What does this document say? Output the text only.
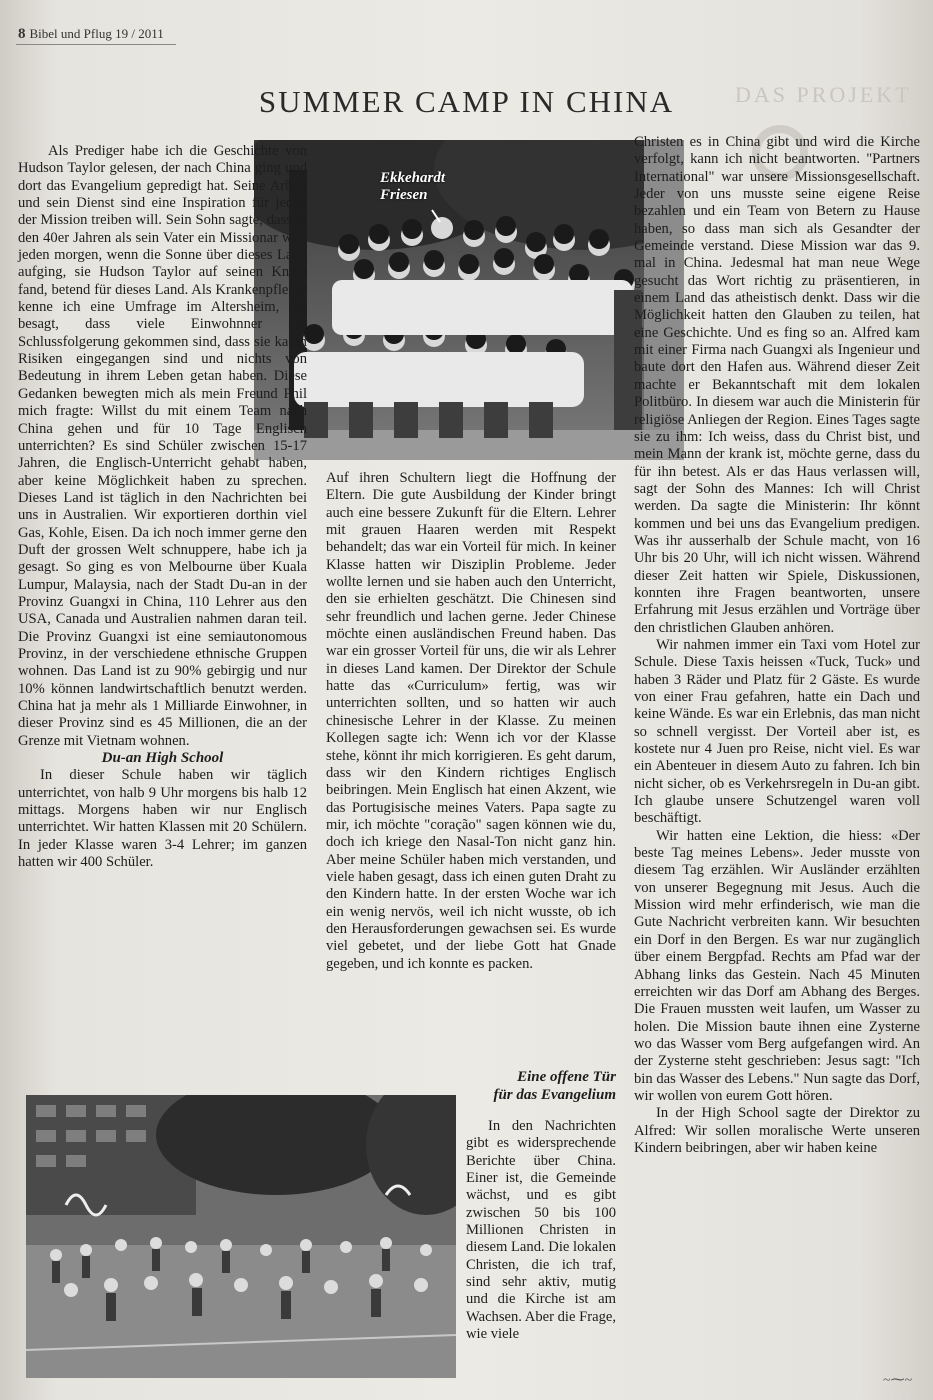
8 Bibel und Pflug 19 / 2011
DAS PROJEKT
SUMMER CAMP IN CHINA
Ekkehardt Friesen

Als Prediger habe ich die Geschichte von Hudson Taylor gelesen, der nach China ging und dort das Evangelium gepredigt hat. Seine Arbeit und sein Dienst sind eine Inspiration für jeden der Mission treiben will. Sein Sohn sagte, dass in den 40er Jahren als sein Vater ein Missionar war, jeden morgen, wenn die Sonne über dieses Land aufging, sie Hudson Taylor auf seinen Knien fand, betend für dieses Land. Als Krankenpfleger kenne ich eine Umfrage im Altersheim, die besagt, dass viele Einwohnner zur Schlussfolgerung gekommen sind, dass sie kaum Risiken eingegangen sind und nichts von Bedeutung in ihrem Leben getan haben. Diese Gedanken bewegten mich als mein Freund Phil mich fragte: Willst du mit einem Team nach China gehen und für 10 Tage Englisch unterrichten? Es sind Schüler zwischen 15-17 Jahren, die Englisch-Unterricht gehabt haben, aber keine Möglichkeit haben zu sprechen. Dieses Land ist täglich in den Nachrichten bei uns in Australien. Wir exportieren dorthin viel Gas, Kohle, Eisen. Da ich noch immer gerne den Duft der grossen Welt schnuppere, habe ich ja gesagt. So ging es von Melbourne über Kuala Lumpur, Malaysia, nach der Stadt Du-an in der Provinz Guangxi in China, 110 Lehrer aus den USA, Canada und Australien nahmen daran teil. Die Provinz Guangxi ist eine semiautonomous Provinz, in der verschiedene ethnische Gruppen wohnen. Das Land ist zu 90% gebirgig und nur 10% können landwirtschaftlich benutzt werden. China hat ja mehr als 1 Milliarde Einwohner, in dieser Provinz sind es 45 Millionen, die an der Grenze mit Vietnam wohnen.

Du-an High School

In dieser Schule haben wir täglich unterrichtet, von halb 9 Uhr morgens bis halb 12 mittags. Morgens haben wir nur Englisch unterrichtet. Wir hatten Klassen mit 20 Schülern. In jeder Klasse waren 3-4 Lehrer; im ganzen hatten wir 400 Schüler.

Auf ihren Schultern liegt die Hoffnung der Eltern. Die gute Ausbildung der Kinder bringt auch eine bessere Zukunft für die Eltern. Lehrer mit grauen Haaren werden mit Respekt behandelt; das war ein Vorteil für mich. In keiner Klasse hatten wir Disziplin Probleme. Jeder wollte lernen und sie haben auch den Unterricht, den sie erhielten geschätzt. Die Chinesen sind sehr freundlich und lachen gerne. Jeder Chinese möchte einen ausländischen Freund haben. Das war ein grosser Vorteil für uns, die wir als Lehrer in dieses Land kamen. Der Direktor der Schule hatte das «Curriculum» fertig, was wir unterrichten sollten, und so hatten wir auch chinesische Lehrer in der Klasse. Zu meinen Kollegen sagte ich: Wenn ich vor der Klasse stehe, könnt ihr mich korrigieren. Es geht darum, dass wir den Kindern richtiges Englisch beibringen. Mein Englisch hat einen Akzent, wie das Portugisische meines Vaters. Papa sagte zu mir, ich möchte "coração" sagen können wie du, doch ich kriege den Nasal-Ton nicht ganz hin. Aber meine Schüler haben mich verstanden, und viele haben gesagt, dass ich einen guten Draht zu den Kindern hatte. In der ersten Woche war ich ein wenig nervös, weil ich nicht wusste, ob ich den Herausforderungen gewachsen sei. Es wurde viel gebetet, und der liebe Gott hat Gnade gegeben, und ich konnte es packen.

Eine offene Tür
für das Evangelium

In den Nachrichten gibt es widersprechende Berichte über China. Einer ist, die Gemeinde wächst, und es gibt zwischen 50 bis 100 Millionen Christen in diesem Land. Die lokalen Christen, die ich traf, sind sehr aktiv, mutig und die Kirche ist am Wachsen. Aber die Frage, wie viele

Christen es in China gibt und wird die Kirche verfolgt, kann ich nicht beantworten. "Partners International" war unsere Missionsgesellschaft. Jeder von uns musste seine eigene Reise bezahlen und ein Team von Betern zu Hause haben, so dass man sich als Gesandter der Gemeinde verstand. Diese Mission war das 9. mal in China. Jedesmal hat man neue Wege gesucht das Wort richtig zu präsentieren, in einem Land das atheistisch denkt. Dass wir die Möglichkeit hatten den Glauben zu teilen, hat eine Geschichte. Und es fing so an. Alfred kam mit einer Firma nach Guangxi als Ingenieur und baute dort den Hafen aus. Während dieser Zeit machte er Bekanntschaft mit dem lokalen Politbüro. In diesem war auch die Ministerin für religiöse Anliegen der Region. Eines Tages sagte sie zu ihm: Ich weiss, dass du Christ bist, und mein Mann der krank ist, möchte gerne, dass du für ihn betest. Als er das Haus verlassen will, sagt der Sohn des Mannes: Ich will Christ werden. Da sagte die Ministerin: Ihr könnt kommen und bei uns das Evangelium predigen. Was ihr ausserhalb der Schule macht, von 16 Uhr bis 20 Uhr, will ich nicht wissen. Während dieser Zeit hatten wir Spiele, Diskussionen, konnten ihre Fragen beantworten, unsere Erfahrung mit Jesus erzählen und Vorträge über den christlichen Glauben anhören.

Wir nahmen immer ein Taxi vom Hotel zur Schule. Diese Taxis heissen «Tuck, Tuck» und haben 3 Räder und Platz für 2 Gäste. Es wurde von einer Frau gefahren, hatte ein Dach und keine Wände. Es war ein Erlebnis, das man nicht so schnell vergisst. Der Vorteil aber ist, es kostete nur 4 Juen pro Reise, nicht viel. Es war ein Abenteuer in diesem Auto zu fahren. Ich bin nicht sicher, ob es Verkehrsregeln in Du-an gibt. Ich glaube unsere Schutzengel waren voll beschäftigt.

Wir hatten eine Lektion, die hiess: «Der beste Tag meines Lebens». Jeder musste von diesem Tag erzählen. Wir Ausländer erzählten von unserer Begegnung mit Jesus. Auch die Mission wird mehr erfinderisch, wie man die Gute Nachricht verbreiten kann. Wir besuchten ein Dorf in den Bergen. Es war nur zugänglich über einem Bergpfad. Rechts am Pfad war der Abhang links das Gestein. Nach 45 Minuten erreichten wir das Dorf am Abhang des Berges. Die Frauen mussten weit laufen, um Wasser zu holen. Die Mission baute ihnen eine Zysterne wo das Wasser vom Berg aufgefangen wird. An der Zysterne steht geschrieben: Jesus sagt: "Ich bin das Wasser des Lebens." Nun sagte das Dorf, wir wollen von eurem Gott hören.

In der High School sagte der Direktor zu Alfred: Wir sollen moralische Werte unseren Kindern beibringen, aber wir haben keine

~⁓~
